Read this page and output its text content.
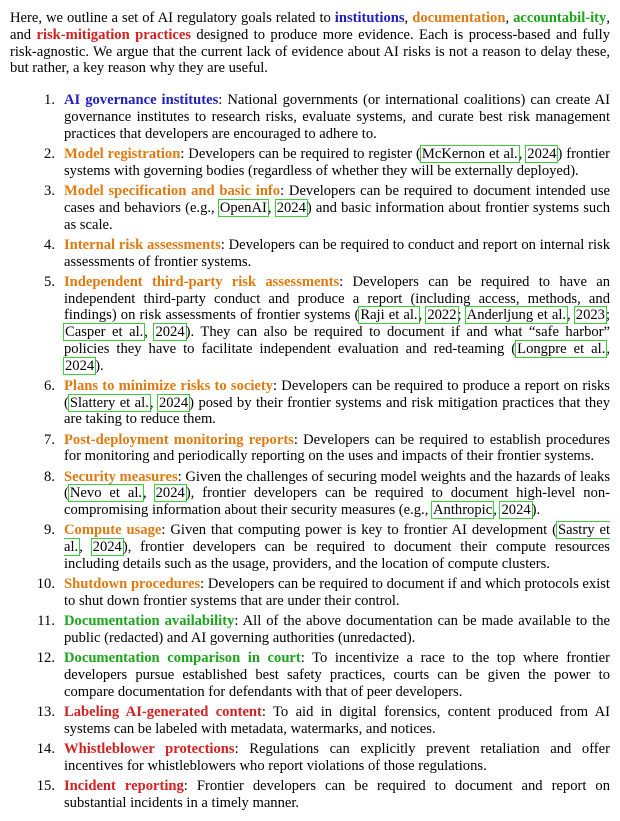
Here, we outline a set of AI regulatory goals related to institutions, documentation, accountabil-ity, and risk-mitigation practices designed to produce more evidence. Each is process-based and fully risk-agnostic. We argue that the current lack of evidence about AI risks is not a reason to delay these, but rather, a key reason why they are useful.

1. AI governance institutes: National governments (or international coalitions) can create AI governance institutes to research risks, evaluate systems, and curate best risk management practices that developers are encouraged to adhere to.
2. Model registration: Developers can be required to register (McKernon et al., 2024) frontier systems with governing bodies (regardless of whether they will be externally deployed).
3. Model specification and basic info: Developers can be required to document intended use cases and behaviors (e.g., OpenAI, 2024) and basic information about frontier systems such as scale.
4. Internal risk assessments: Developers can be required to conduct and report on internal risk assessments of frontier systems.
5. Independent third-party risk assessments: Developers can be required to have an independent third-party conduct and produce a report (including access, methods, and findings) on risk assessments of frontier systems (Raji et al., 2022; Anderljung et al., 2023; Casper et al., 2024). They can also be required to document if and what “safe harbor” policies they have to facilitate independent evaluation and red-teaming (Longpre et al., 2024).
6. Plans to minimize risks to society: Developers can be required to produce a report on risks (Slattery et al., 2024) posed by their frontier systems and risk mitigation practices that they are taking to reduce them.
7. Post-deployment monitoring reports: Developers can be required to establish procedures for monitoring and periodically reporting on the uses and impacts of their frontier systems.
8. Security measures: Given the challenges of securing model weights and the hazards of leaks (Nevo et al., 2024), frontier developers can be required to document high-level non-compromising information about their security measures (e.g., Anthropic, 2024).
9. Compute usage: Given that computing power is key to frontier AI development (Sastry et al., 2024), frontier developers can be required to document their compute resources including details such as the usage, providers, and the location of compute clusters.
10. Shutdown procedures: Developers can be required to document if and which protocols exist to shut down frontier systems that are under their control.
11. Documentation availability: All of the above documentation can be made available to the public (redacted) and AI governing authorities (unredacted).
12. Documentation comparison in court: To incentivize a race to the top where frontier developers pursue established best safety practices, courts can be given the power to compare documentation for defendants with that of peer developers.
13. Labeling AI-generated content: To aid in digital forensics, content produced from AI systems can be labeled with metadata, watermarks, and notices.
14. Whistleblower protections: Regulations can explicitly prevent retaliation and offer incentives for whistleblowers who report violations of those regulations.
15. Incident reporting: Frontier developers can be required to document and report on substantial incidents in a timely manner.
